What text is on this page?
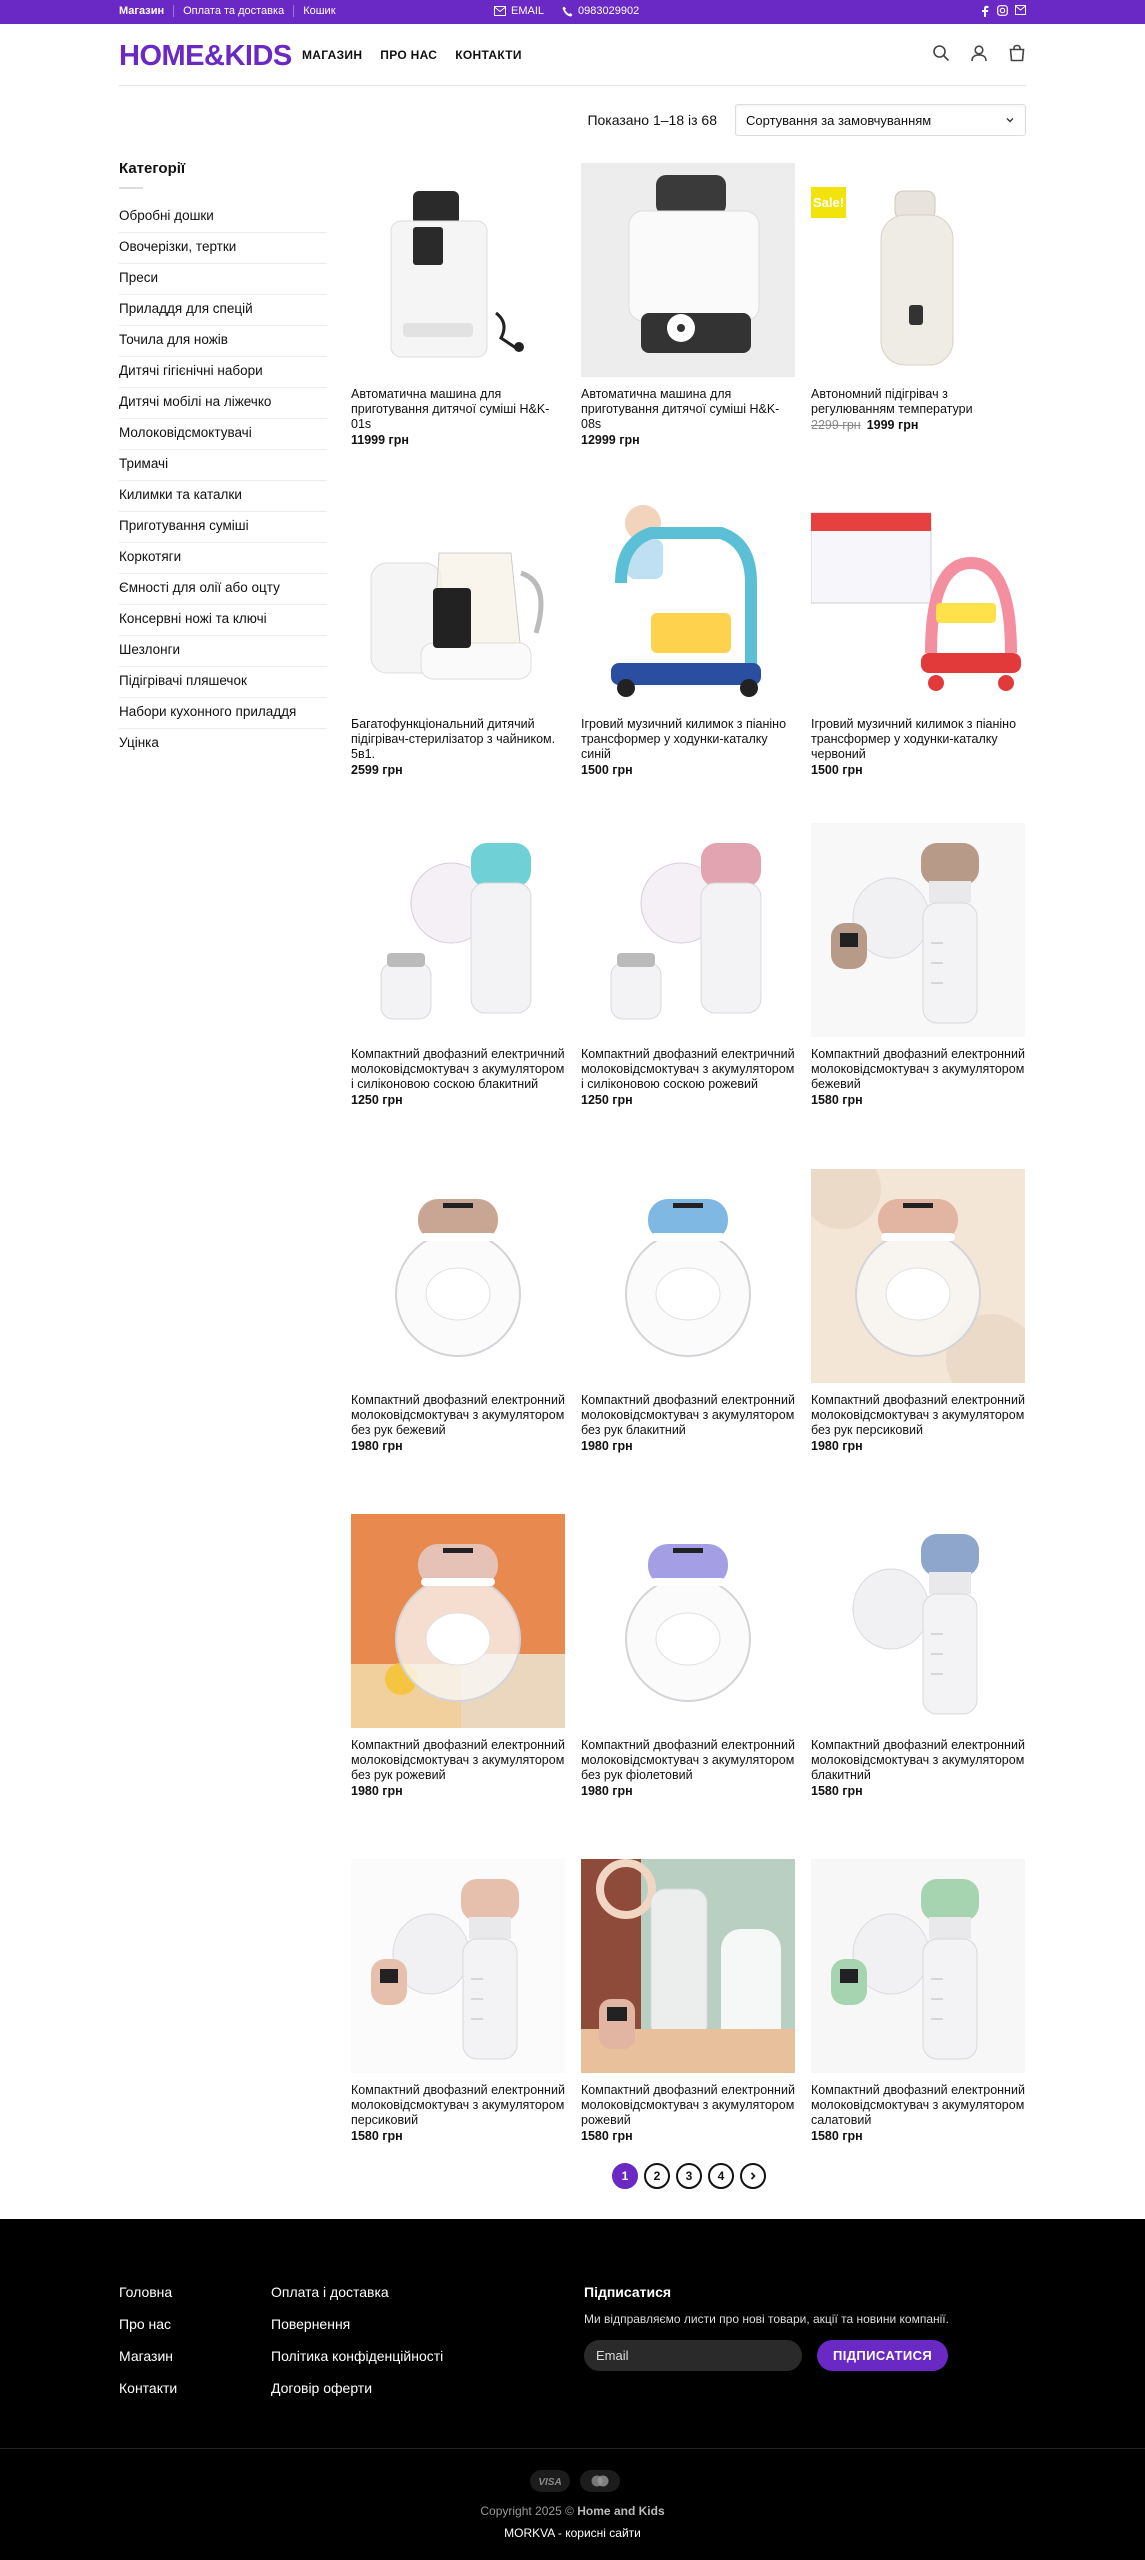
Магазин	Оплата та доставка	Кошик	EMAIL	0983029902
HOME&KIDS МАГАЗИН ПРО НАС КОНТАКТИ
Показано 1–18 із 68	Сортування за замовчуванням
Категорії
Обробні дошки
Овочерізки, тертки
Преси
Приладдя для спецій
Точила для ножів
Дитячі гігієнічні набори
Дитячі мобілі на ліжечко
Молоковідсмоктувачі
Тримачі
Килимки та каталки
Приготування суміші
Коркотяги
Ємності для олії або оцту
Консервні ножі та ключі
Шезлонги
Підігрівачі пляшечок
Набори кухонного приладдя
Уцінка
Автоматична машина для приготування дитячої суміші H&K-01s
11999 грн
Автоматична машина для приготування дитячої суміші H&K-08s
12999 грн
Sale!
Автономний підігрівач з регулюванням температури
2299 грн 1999 грн
Багатофункціональний дитячий підігрівач-стерилізатор з чайником. 5в1.
2599 грн
Ігровий музичний килимок з піаніно трансформер у ходунки-каталку синій
1500 грн
Ігровий музичний килимок з піаніно трансформер у ходунки-каталку червоний
1500 грн
Компактний двофазний електричний молоковідсмоктувач з акумулятором і силіконовою соскою блакитний
1250 грн
Компактний двофазний електричний молоковідсмоктувач з акумулятором і силіконовою соскою рожевий
1250 грн
Компактний двофазний електронний молоковідсмоктувач з акумулятором бежевий
1580 грн
Компактний двофазний електронний молоковідсмоктувач з акумулятором без рук бежевий
1980 грн
Компактний двофазний електронний молоковідсмоктувач з акумулятором без рук блакитний
1980 грн
Компактний двофазний електронний молоковідсмоктувач з акумулятором без рук персиковий
1980 грн
Компактний двофазний електронний молоковідсмоктувач з акумулятором без рук рожевий
1980 грн
Компактний двофазний електронний молоковідсмоктувач з акумулятором без рук фіолетовий
1980 грн
Компактний двофазний електронний молоковідсмоктувач з акумулятором блакитний
1580 грн
Компактний двофазний електронний молоковідсмоктувач з акумулятором персиковий
1580 грн
Компактний двофазний електронний молоковідсмоктувач з акумулятором рожевий
1580 грн
Компактний двофазний електронний молоковідсмоктувач з акумулятором салатовий
1580 грн
1	2	3	4
Головна
Про нас
Магазин
Контакти
Оплата і доставка
Повернення
Політика конфіденційності
Договір оферти
Підписатися

Ми відправляємо листи про нові товари, акції та новини компанії.

Email
ПІДПИСАТИСЯ
VISA
Copyright 2025 © Home and Kids
MORKVA - корисні сайти
